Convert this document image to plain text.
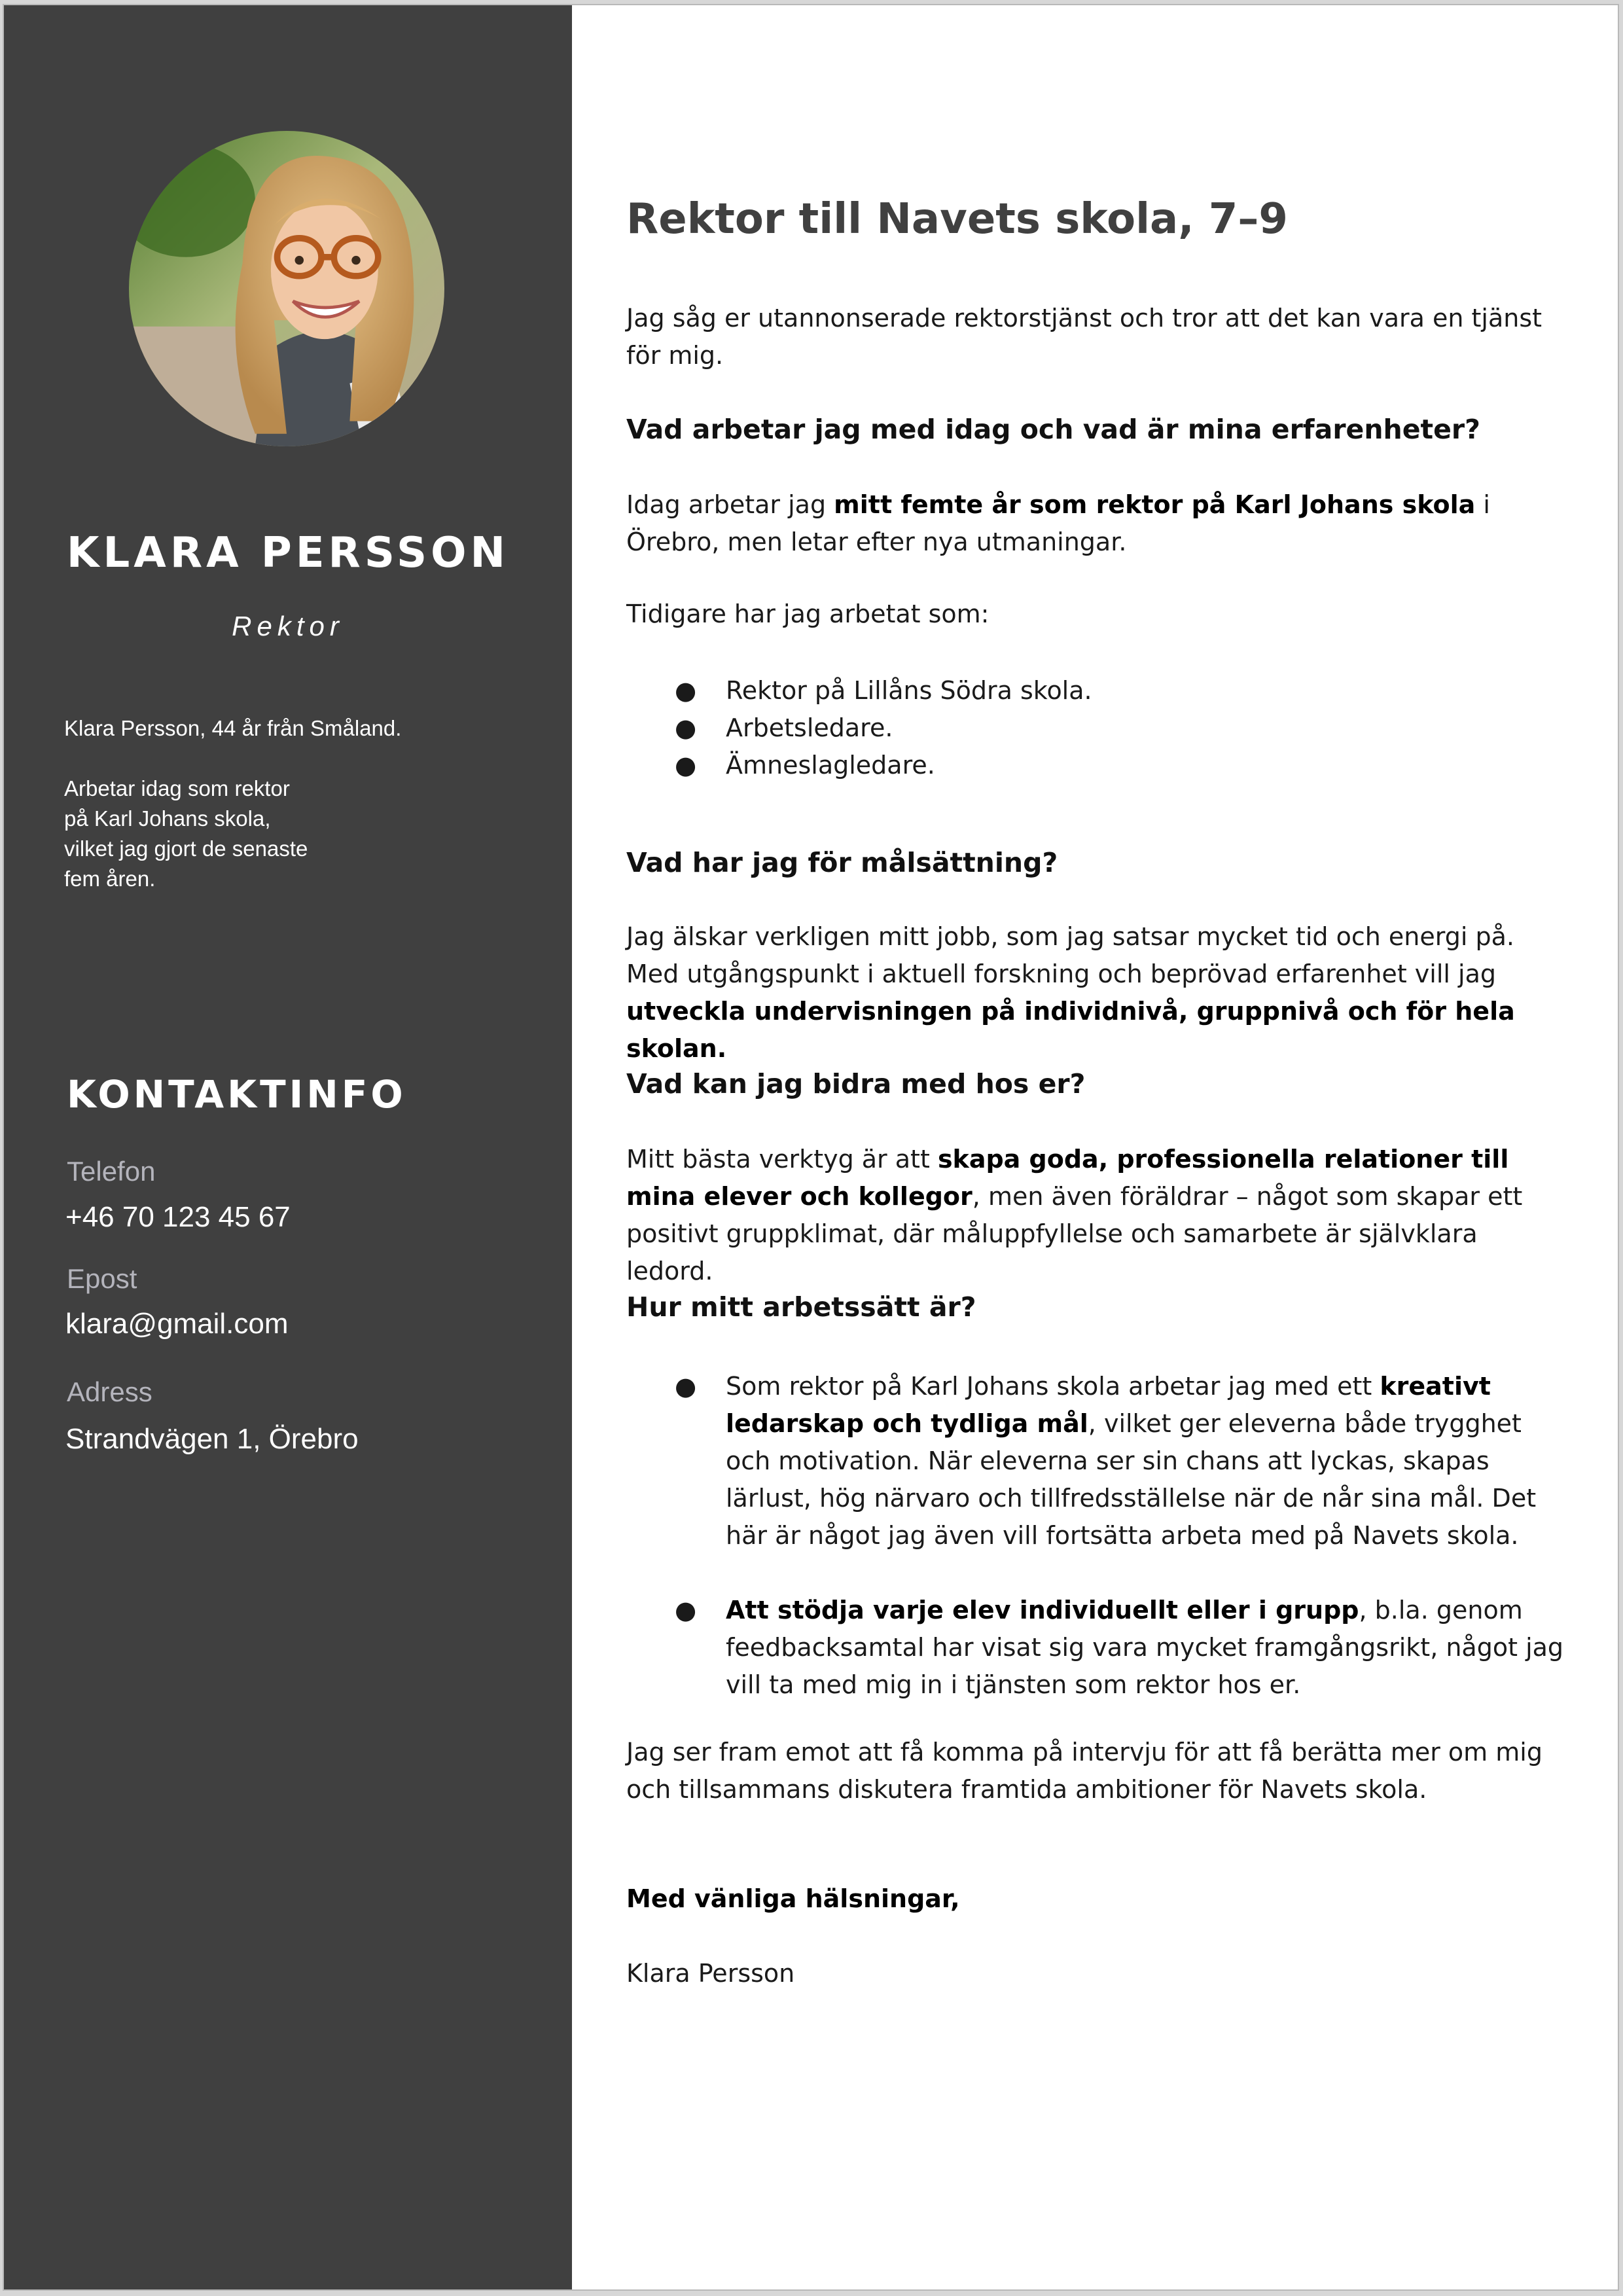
KLARA PERSSON
Rektor

Klara Persson, 44 år från Småland.

Arbetar idag som rektor
på Karl Johans skola,
vilket jag gjort de senaste
fem åren.

KONTAKTINFO
Telefon
+46 70 123 45 67
Epost
klara@gmail.com
Adress
Strandvägen 1, Örebro
Rektor till Navets skola, 7–9

Jag såg er utannonserade rektorstjänst och tror att det kan vara en tjänst för mig.

Vad arbetar jag med idag och vad är mina erfarenheter?

Idag arbetar jag mitt femte år som rektor på Karl Johans skola i Örebro, men letar efter nya utmaningar.

Tidigare har jag arbetat som:

● Rektor på Lillåns Södra skola.
● Arbetsledare.
● Ämneslagledare.
Vad har jag för målsättning?

Jag älskar verkligen mitt jobb, som jag satsar mycket tid och energi på. Med utgångspunkt i aktuell forskning och beprövad erfarenhet vill jag utveckla undervisningen på individnivå, gruppnivå och för hela skolan.

Vad kan jag bidra med hos er?

Mitt bästa verktyg är att skapa goda, professionella relationer till mina elever och kollegor, men även föräldrar – något som skapar ett positivt gruppklimat, där måluppfyllelse och samarbete är självklara ledord.

Hur mitt arbetssätt är?
● Som rektor på Karl Johans skola arbetar jag med ett kreativt ledarskap och tydliga mål, vilket ger eleverna både trygghet och motivation. När eleverna ser sin chans att lyckas, skapas lärlust, hög närvaro och tillfredsställelse när de når sina mål. Det här är något jag även vill fortsätta arbeta med på Navets skola.
● Att stödja varje elev individuellt eller i grupp, b.la. genom feedbacksamtal har visat sig vara mycket framgångsrikt, något jag vill ta med mig in i tjänsten som rektor hos er.

Jag ser fram emot att få komma på intervju för att få berätta mer om mig och tillsammans diskutera framtida ambitioner för Navets skola.

Med vänliga hälsningar,

Klara Persson
